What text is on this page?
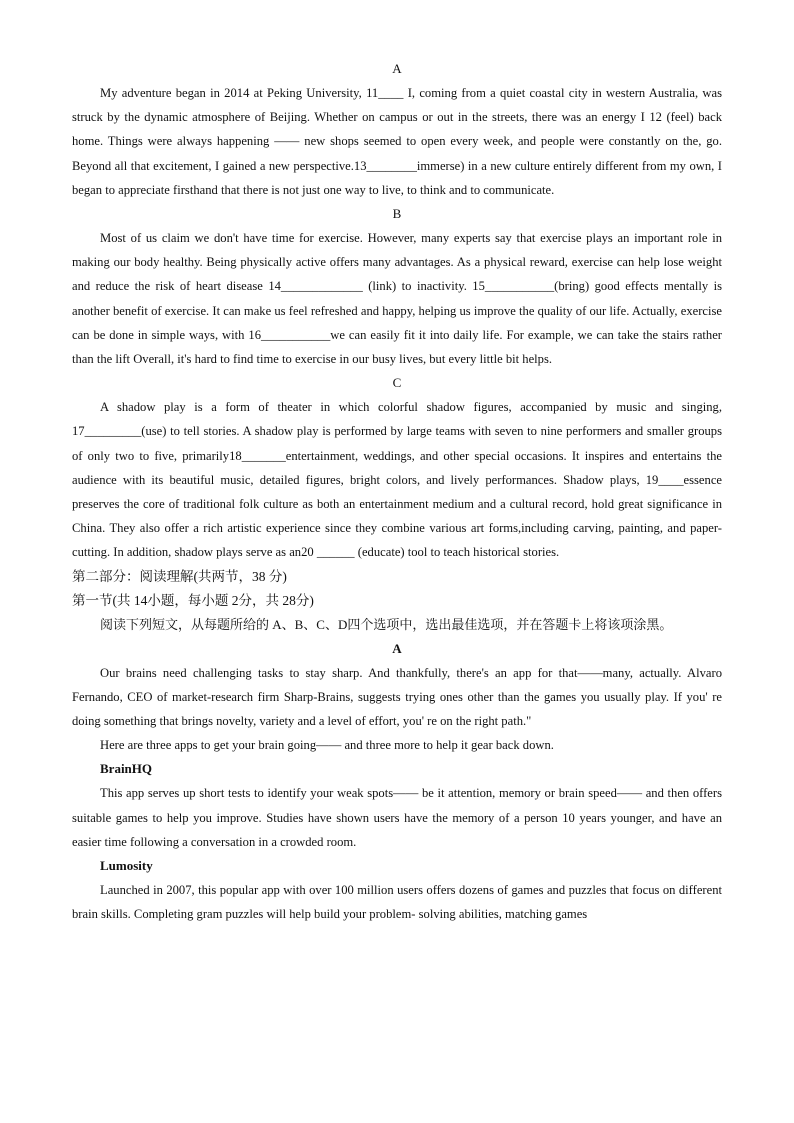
A

My adventure began in 2014 at Peking University, 11____ I, coming from a quiet coastal city in western Australia, was struck by the dynamic atmosphere of Beijing. Whether on campus or out in the streets, there was an energy I 12 (feel) back home. Things were always happening —— new shops seemed to open every week, and people were constantly on the, go. Beyond all that excitement, I gained a new perspective.13________immerse) in a new culture entirely different from my own, I began to appreciate firsthand that there is not just one way to live, to think and to communicate.

B

Most of us claim we don't have time for exercise. However, many experts say that exercise plays an important role in making our body healthy. Being physically active offers many advantages. As a physical reward, exercise can help lose weight and reduce the risk of heart disease 14_____________ (link) to inactivity. 15___________(bring) good effects mentally is another benefit of exercise. It can make us feel refreshed and happy, helping us improve the quality of our life. Actually, exercise can be done in simple ways, with 16___________we can easily fit it into daily life. For example, we can take the stairs rather than the lift Overall, it's hard to find time to exercise in our busy lives, but every little bit helps.

C

A shadow play is a form of theater in which colorful shadow figures, accompanied by music and singing, 17_________(use) to tell stories. A shadow play is performed by large teams with seven to nine performers and smaller groups of only two to five, primarily18_______entertainment, weddings, and other special occasions. It inspires and entertains the audience with its beautiful music, detailed figures, bright colors, and lively performances. Shadow plays, 19____essence preserves the core of traditional folk culture as both an entertainment medium and a cultural record, hold great significance in China. They also offer a rich artistic experience since they combine various art forms,including carving, painting, and paper-cutting. In addition, shadow plays serve as an20 ______ (educate) tool to teach historical stories.

第二部分：阅读理解(共两节，38 分)
第一节(共 14小题，每小题 2分，共 28分)
阅读下列短文，从每题所给的 A、B、C、D四个选项中，选出最佳选项，并在答题卡上将该项涂黑。
A

Our brains need challenging tasks to stay sharp. And thankfully, there's an app for that——many, actually. Alvaro Fernando, CEO of market-research firm Sharp-Brains, suggests trying ones other than the games you usually play. If you' re doing something that brings novelty, variety and a level of effort, you' re on the right path."

Here are three apps to get your brain going—— and three more to help it gear back down.

BrainHQ

This app serves up short tests to identify your weak spots—— be it attention, memory or brain speed—— and then offers suitable games to help you improve. Studies have shown users have the memory of a person 10 years younger, and have an easier time following a conversation in a crowded room.

Lumosity

Launched in 2007, this popular app with over 100 million users offers dozens of games and puzzles that focus on different brain skills. Completing gram puzzles will help build your problem- solving abilities, matching games
